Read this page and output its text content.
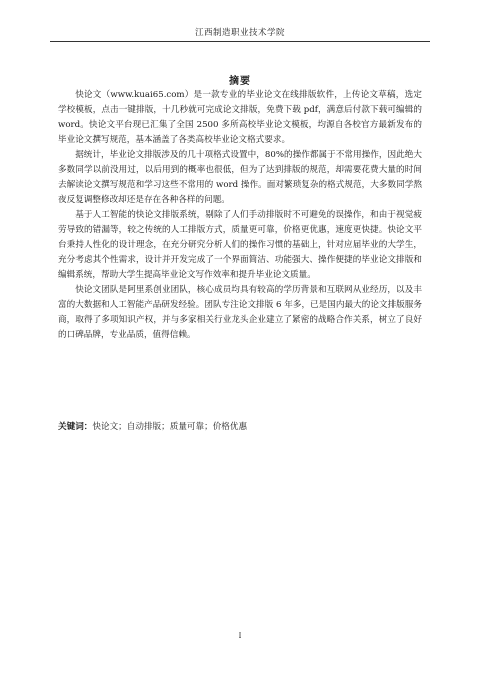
江西制造职业技术学院
摘要

快论文（www.kuai65.com）是一款专业的毕业论文在线排版软件，上传论文草稿，选定学校模板，点击一键排版，十几秒就可完成论文排版，免费下载 pdf，满意后付款下载可编辑的 word。快论文平台现已汇集了全国 2500 多所高校毕业论文模板，均源自各校官方最新发布的毕业论文撰写规范，基本涵盖了各类高校毕业论文格式要求。

据统计，毕业论文排版涉及的几十项格式设置中，80%的操作都属于不常用操作，因此绝大多数同学以前没用过，以后用到的概率也很低，但为了达到排版的规范，却需要花费大量的时间去解读论文撰写规范和学习这些不常用的 word 操作。面对繁琐复杂的格式规范，大多数同学熬夜反复调整修改却还是存在各种各样的问题。

基于人工智能的快论文排版系统，剔除了人们手动排版时不可避免的误操作，和由于视觉疲劳导致的错漏等，较之传统的人工排版方式，质量更可靠，价格更优惠，速度更快捷。快论文平台秉持人性化的设计理念，在充分研究分析人们的操作习惯的基础上，针对应届毕业的大学生，充分考虑其个性需求，设计并开发完成了一个界面简洁、功能强大、操作便捷的毕业论文排版和编辑系统，帮助大学生提高毕业论文写作效率和提升毕业论文质量。

快论文团队是阿里系创业团队，核心成员均具有较高的学历背景和互联网从业经历，以及丰富的大数据和人工智能产品研发经验。团队专注论文排版 6 年多，已是国内最大的论文排版服务商，取得了多项知识产权，并与多家相关行业龙头企业建立了紧密的战略合作关系，树立了良好的口碑品牌，专业品质，值得信赖。

关键词：快论文；自动排版；质量可靠；价格优惠
I
